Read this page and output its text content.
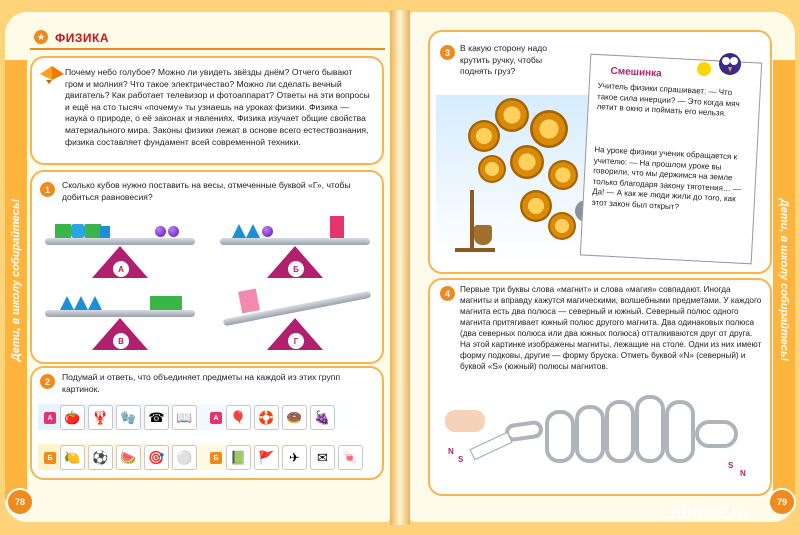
Дети, в школу собирайтесь!	Дети, в школу собирайтесь!
★ ФИЗИКА
Почему небо голубое? Можно ли увидеть звёзды днём? Отчего бывают гром и молния? Что такое электричество? Можно ли сделать вечный двигатель? Как работает телевизор и фотоаппарат? Ответы на эти вопросы и ещё на сто тысяч «почему» ты узнаешь на уроках физики. Физика — наука о природе, о её законах и явлениях. Физика изучает общие свойства материального мира. Законы физики лежат в основе всего естествознания, физика составляет фундамент всей современной техники.
1	Сколько кубов нужно поставить на весы, отмеченные буквой «Г», чтобы добиться равновесия?
А	Б
В	Г
2	Подумай и ответь, что объединяет предметы на каждой из этих групп картинок.
А 🍅 🦞 🧤 ☎ 📖	А 🎈 🛟 🍩 🍇
Б 🍋 ⚽ 🍉 🎯 ⚪	Б 📗 🚩	✈	✉	🍬
78
3	В какую сторону надо крутить ручку, чтобы поднять груз?	Смешинка
Учитель физики спрашивает: — Что такое сила инерции? — Это когда мяч летит в окно и поймать его нельзя.
На уроке физики ученик обращается к учителю: — На прошлом уроке вы говорили, что мы держимся на земле только благодаря закону тяготения… — Да! — А как же люди жили до того, как этот закон был открыт?
4	Первые три буквы слова «магнит» и слова «магия» совпадают. Иногда магниты и вправду кажутся магическими, волшебными предметами. У каждого магнита есть два полюса — северный и южный. Северный полюс одного магнита притягивает южный полюс другого магнита. Два одинаковых полюса (два северных полюса или два южных полюса) отталкиваются друг от друга. На этой картинке изображены магниты, лежащие на столе. Одни из них имеют форму подковы, другие — форму бруска. Отметь буквой «N» (северный) и буквой «S» (южный) полюсы магнитов.
N
S
S
N
79
Labirint.ru
